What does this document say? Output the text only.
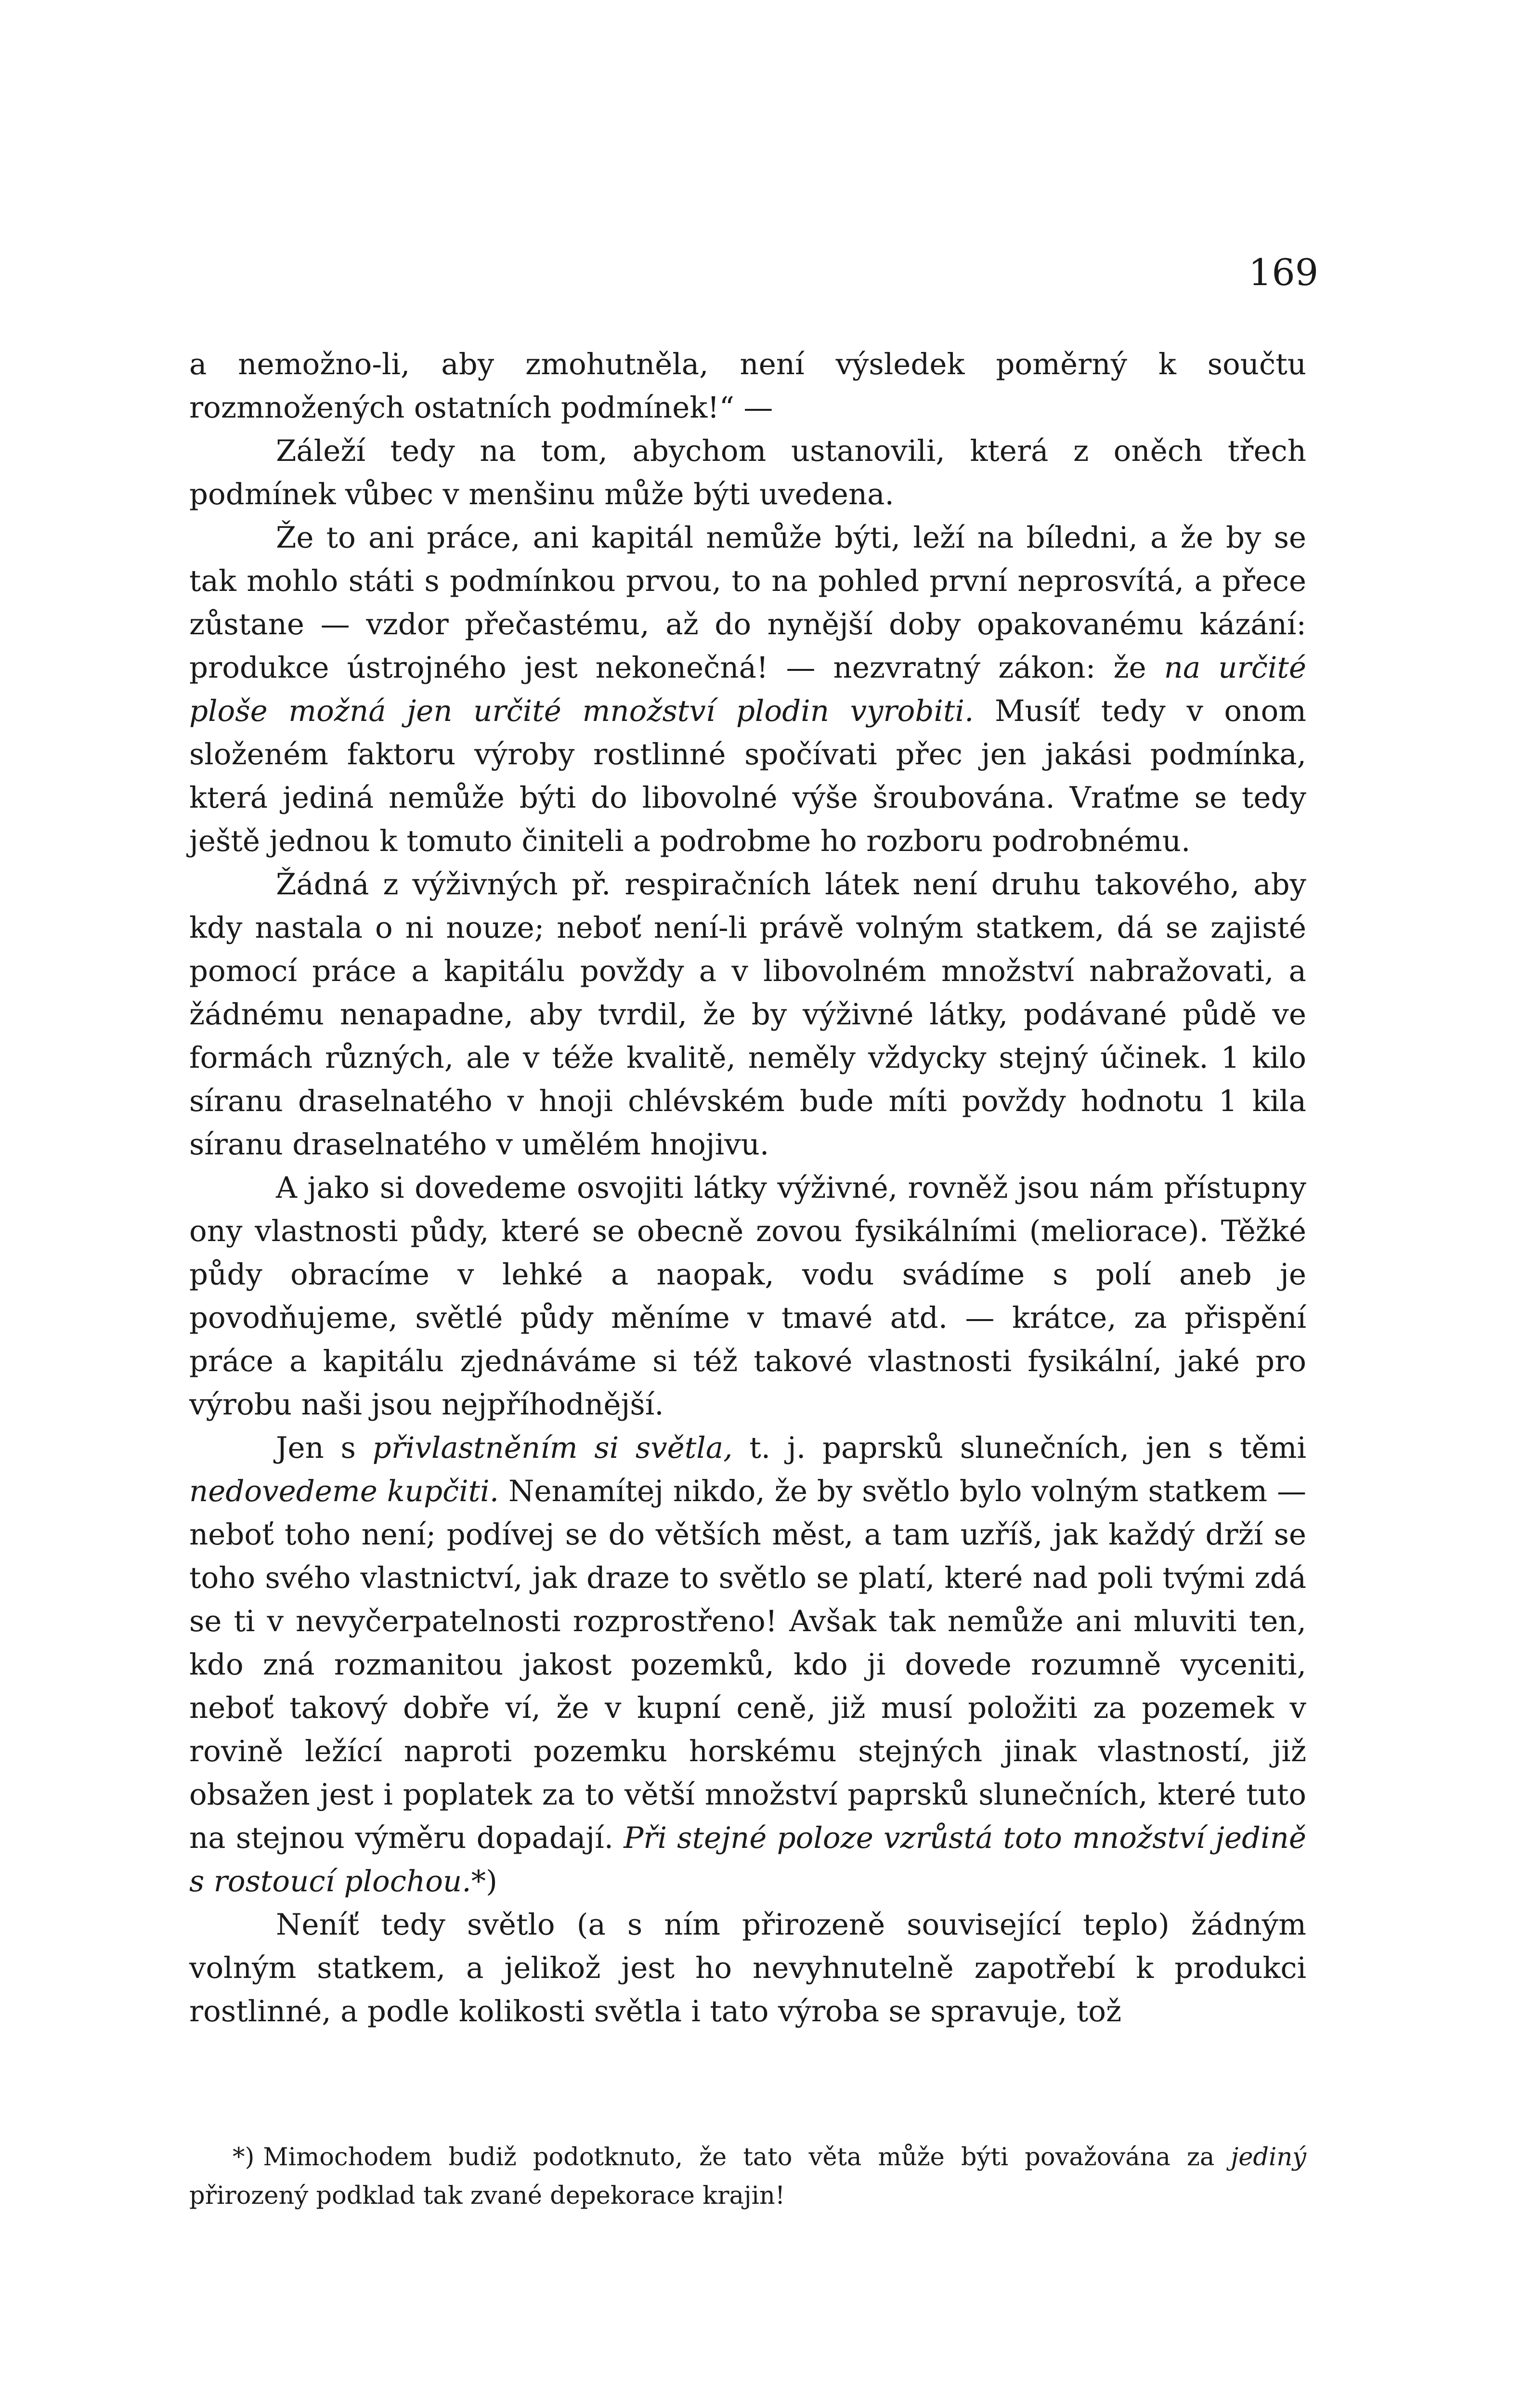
169

a nemožno-li, aby zmohutněla, není výsledek poměrný k součtu rozmnožených ostatních podmínek!“ —

Záleží tedy na tom, abychom ustanovili, která z oněch třech podmínek vůbec v menšinu může býti uvedena.

Že to ani práce, ani kapitál nemůže býti, leží na bíledni, a že by se tak mohlo státi s podmínkou prvou, to na pohled první neprosvítá, a přece zůstane — vzdor přečastému, až do nynější doby opakovanému kázání: produkce ústrojného jest nekonečná! — nezvratný zákon: že na určité ploše možná jen určité množství plodin vyrobiti. Musíť tedy v onom složeném faktoru výroby rostlinné spočívati přec jen jakási podmínka, která jediná nemůže býti do libovolné výše šroubována. Vraťme se tedy ještě jednou k tomuto činiteli a podrobme ho rozboru podrobnému.

Žádná z výživných př. respiračních látek není druhu takového, aby kdy nastala o ni nouze; neboť není-li právě volným statkem, dá se zajisté pomocí práce a kapitálu povždy a v libovolném množství nabražovati, a žádnému nenapadne, aby tvrdil, že by výživné látky, podávané půdě ve formách různých, ale v téže kvalitě, neměly vždycky stejný účinek. 1 kilo síranu draselnatého v hnoji chlévském bude míti povždy hodnotu 1 kila síranu draselnatého v umělém hnojivu.

A jako si dovedeme osvojiti látky výživné, rovněž jsou nám přístupny ony vlastnosti půdy, které se obecně zovou fysikálními (meliorace). Těžké půdy obracíme v lehké a naopak, vodu svádíme s polí aneb je povodňujeme, světlé půdy měníme v tmavé atd. — krátce, za přispění práce a kapitálu zjednáváme si též takové vlastnosti fysikální, jaké pro výrobu naši jsou nejpříhodnější.

Jen s přivlastněním si světla, t. j. paprsků slunečních, jen s těmi nedovedeme kupčiti. Nenamítej nikdo, že by světlo bylo volným statkem — neboť toho není; podívej se do větších měst, a tam uzříš, jak každý drží se toho svého vlastnictví, jak draze to světlo se platí, které nad poli tvými zdá se ti v nevyčerpatelnosti rozprostřeno! Avšak tak nemůže ani mluviti ten, kdo zná rozmanitou jakost pozemků, kdo ji dovede rozumně vyceniti, neboť takový dobře ví, že v kupní ceně, již musí položiti za pozemek v rovině ležící naproti pozemku horskému stejných jinak vlastností, již obsažen jest i poplatek za to větší množství paprsků slunečních, které tuto na stejnou výměru dopadají. Při stejné poloze vzrůstá toto množství jedině s rostoucí plochou.*)

Neníť tedy světlo (a s ním přirozeně související teplo) žádným volným statkem, a jelikož jest ho nevyhnutelně zapotřebí k produkci rostlinné, a podle kolikosti světla i tato výroba se spravuje, tož

*) Mimochodem budiž podotknuto, že tato věta může býti považována za jediný přirozený podklad tak zvané depekorace krajin!
